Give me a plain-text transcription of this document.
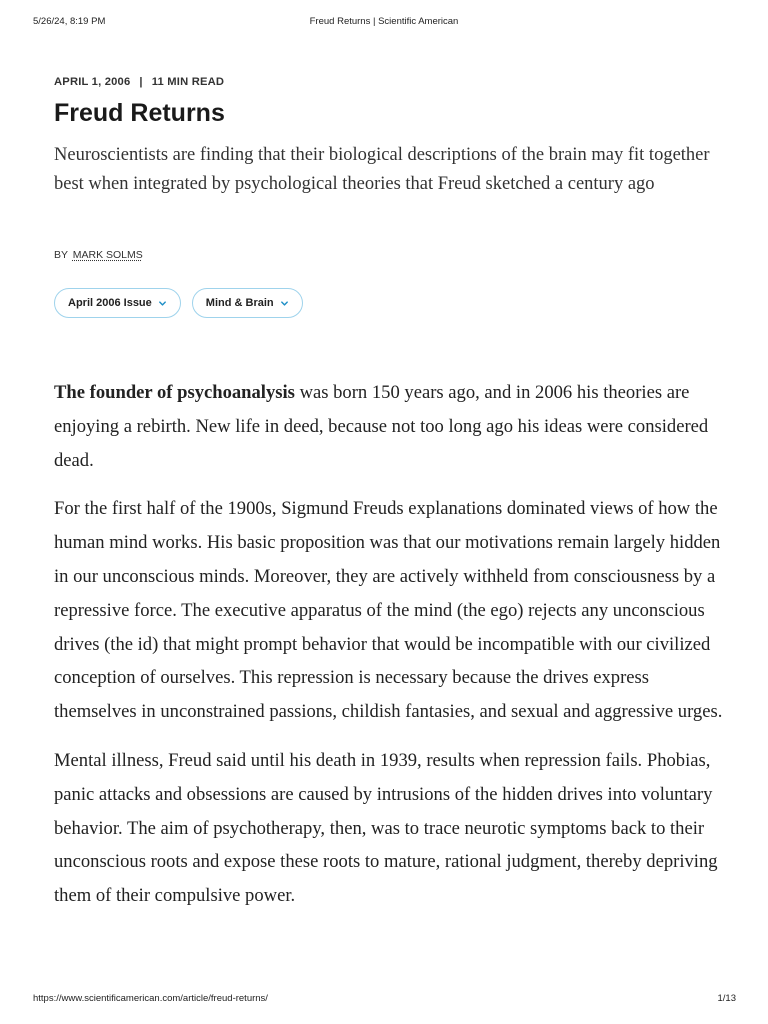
5/26/24, 8:19 PM	Freud Returns | Scientific American
APRIL 1, 2006 | 11 MIN READ
Freud Returns

Neuroscientists are finding that their biological descriptions of the brain may fit together best when integrated by psychological theories that Freud sketched a century ago

BY MARK SOLMS
April 2006 Issue	Mind & Brain

The founder of psychoanalysis was born 150 years ago, and in 2006 his theories are enjoying a rebirth. New life in deed, because not too long ago his ideas were considered dead.

For the first half of the 1900s, Sigmund Freuds explanations dominated views of how the human mind works. His basic proposition was that our motivations remain largely hidden in our unconscious minds. Moreover, they are actively withheld from consciousness by a repressive force. The executive apparatus of the mind (the ego) rejects any unconscious drives (the id) that might prompt behavior that would be incompatible with our civilized conception of ourselves. This repression is necessary because the drives express themselves in unconstrained passions, childish fantasies, and sexual and aggressive urges.

Mental illness, Freud said until his death in 1939, results when repression fails. Phobias, panic attacks and obsessions are caused by intrusions of the hidden drives into voluntary behavior. The aim of psychotherapy, then, was to trace neurotic symptoms back to their unconscious roots and expose these roots to mature, rational judgment, thereby depriving them of their compulsive power.

https://www.scientificamerican.com/article/freud-returns/	1/13
